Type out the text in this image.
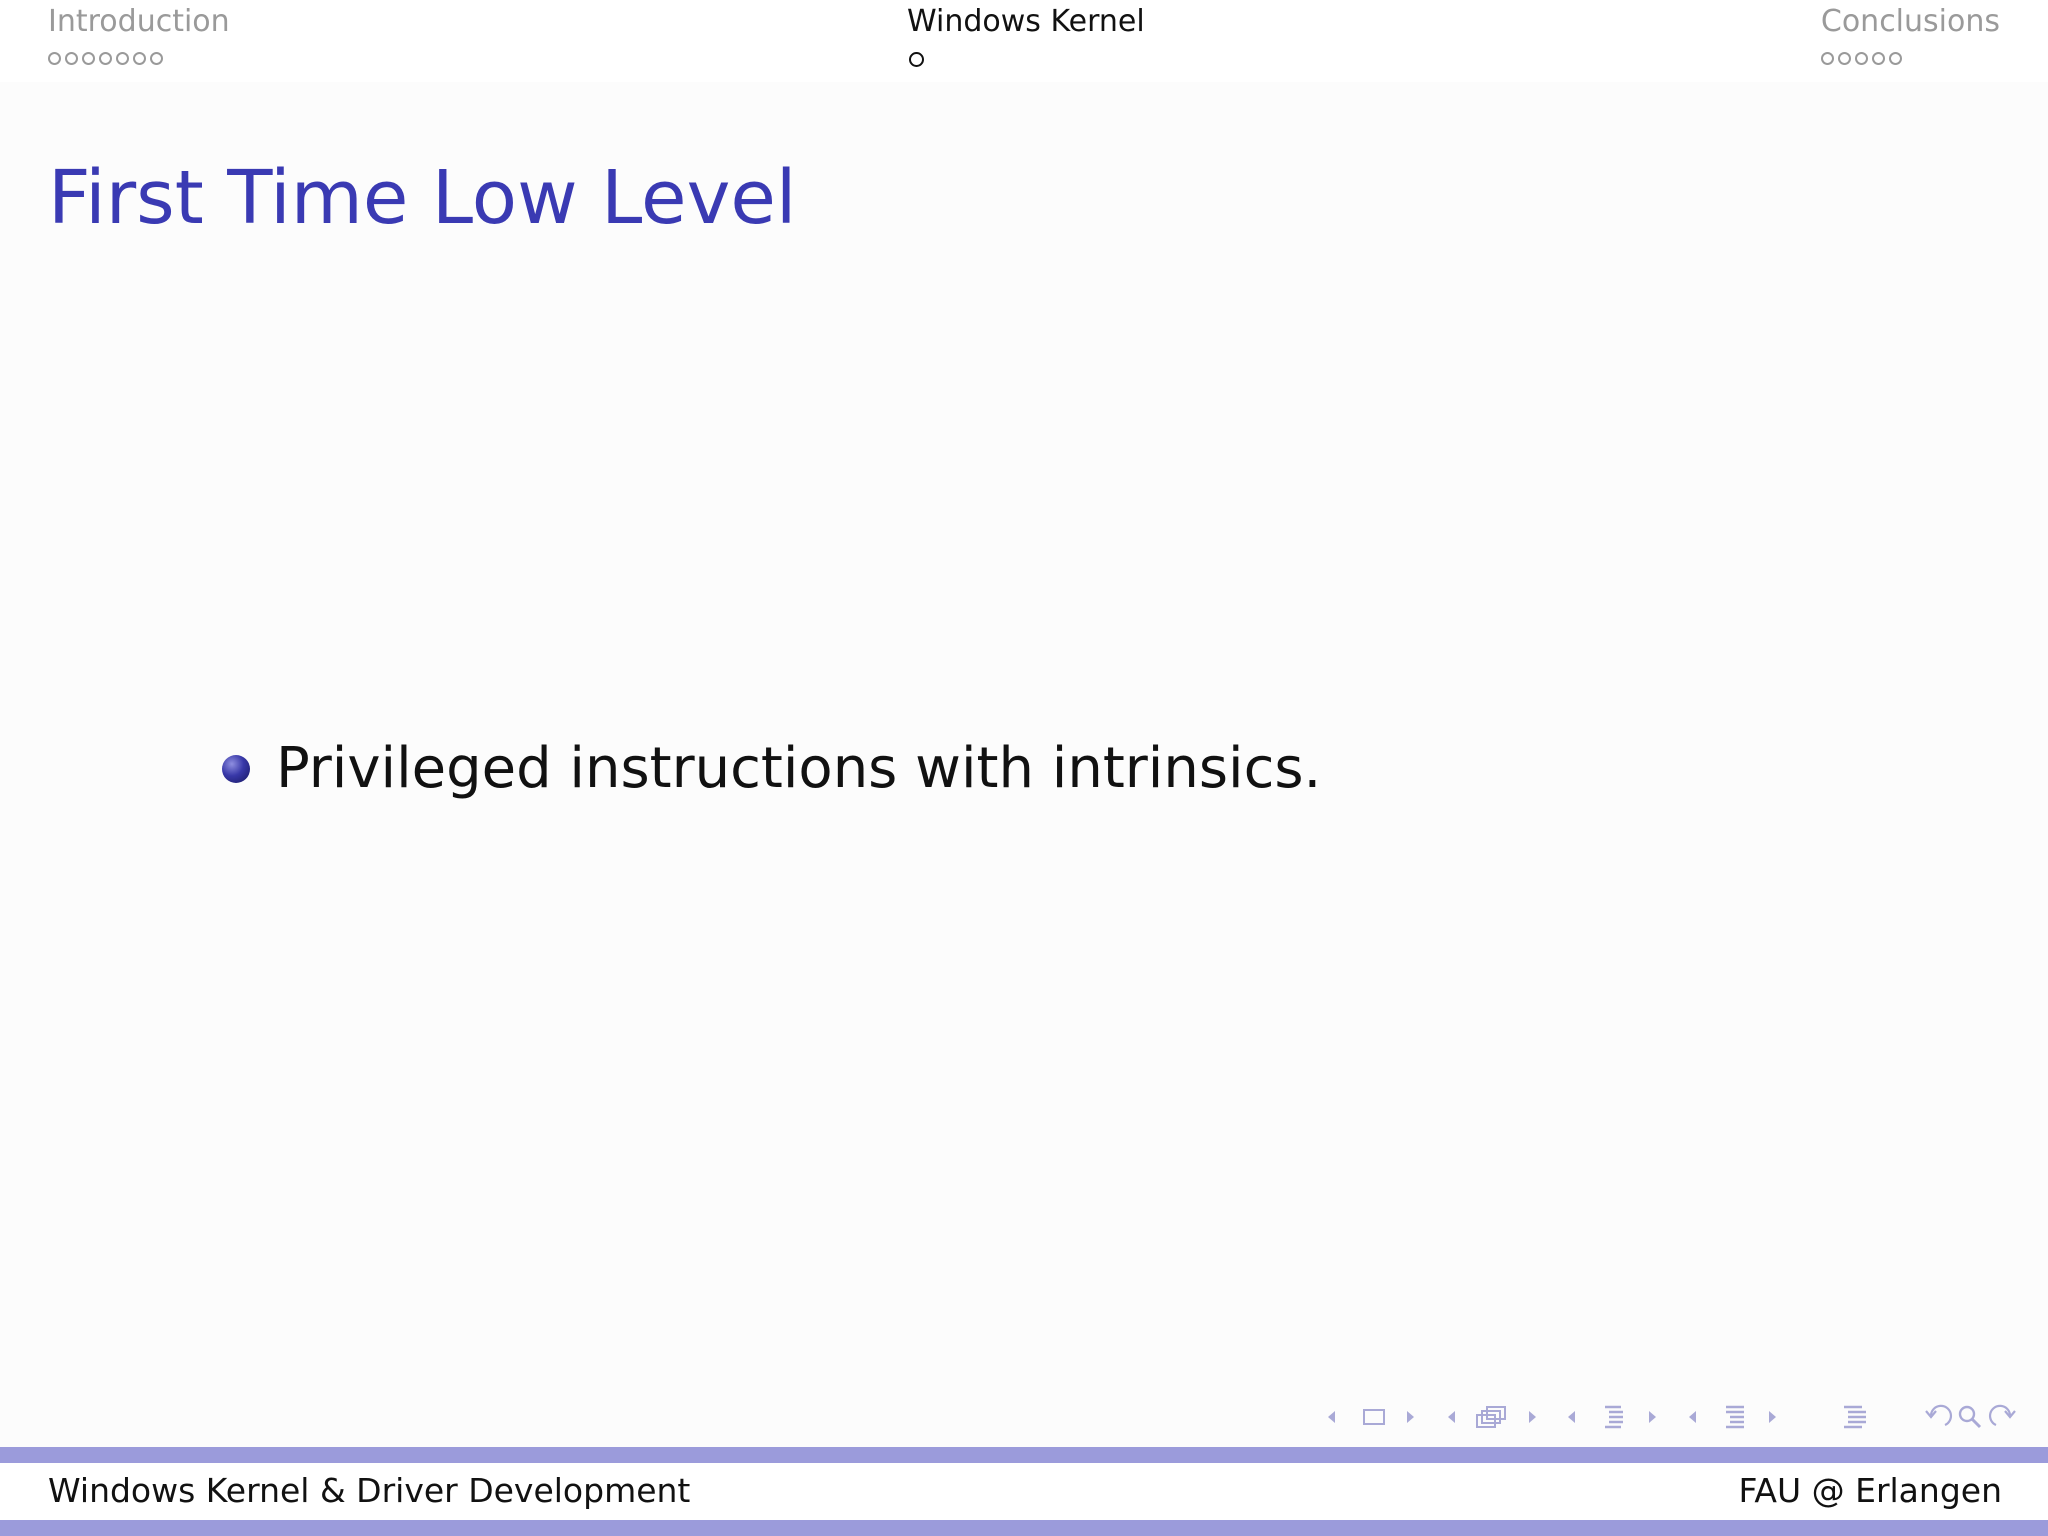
Introduction	Windows Kernel	Conclusions
First Time Low Level
Privileged instructions with intrinsics.
Windows Kernel & Driver Development	FAU @ Erlangen
